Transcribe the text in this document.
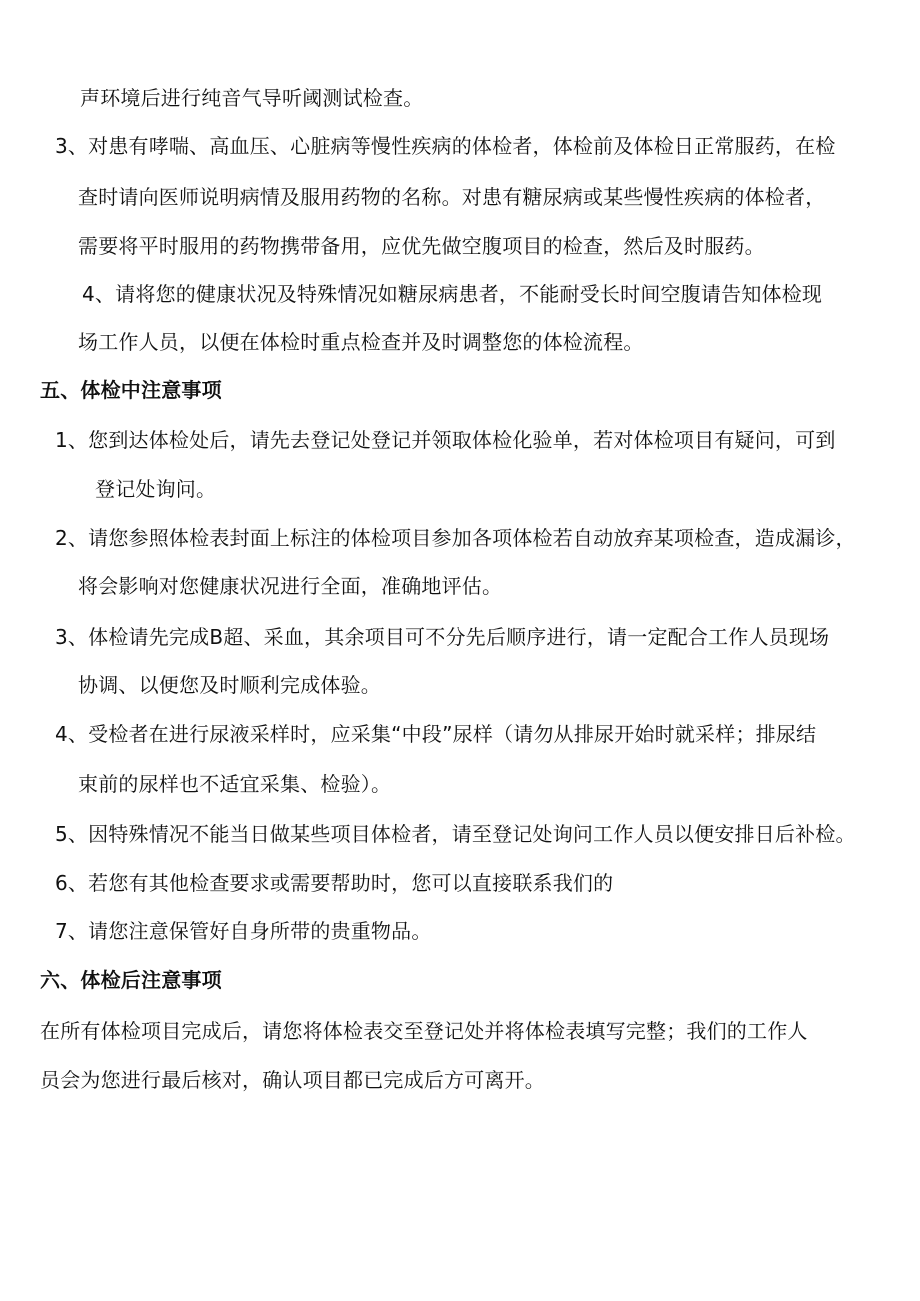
声环境后进行纯音气导听阈测试检查。
3、对患有哮喘、高血压、心脏病等慢性疾病的体检者，体检前及体检日正常服药，在检
查时请向医师说明病情及服用药物的名称。对患有糖尿病或某些慢性疾病的体检者，
需要将平时服用的药物携带备用，应优先做空腹项目的检查，然后及时服药。
4、请将您的健康状况及特殊情况如糖尿病患者，不能耐受长时间空腹请告知体检现
场工作人员，以便在体检时重点检查并及时调整您的体检流程。
五、体检中注意事项
1、您到达体检处后，请先去登记处登记并领取体检化验单，若对体检项目有疑问，可到
登记处询问。
2、请您参照体检表封面上标注的体检项目参加各项体检若自动放弃某项检查，造成漏诊，
将会影响对您健康状况进行全面，准确地评估。
3、体检请先完成B超、采血，其余项目可不分先后顺序进行，请一定配合工作人员现场
协调、以便您及时顺利完成体验。
4、受检者在进行尿液采样时，应采集“中段”尿样（请勿从排尿开始时就采样；排尿结
束前的尿样也不适宜采集、检验）。
5、因特殊情况不能当日做某些项目体检者，请至登记处询问工作人员以便安排日后补检。
6、若您有其他检查要求或需要帮助时，您可以直接联系我们的
7、请您注意保管好自身所带的贵重物品。
六、体检后注意事项
在所有体检项目完成后，请您将体检表交至登记处并将体检表填写完整；我们的工作人
员会为您进行最后核对，确认项目都已完成后方可离开。
